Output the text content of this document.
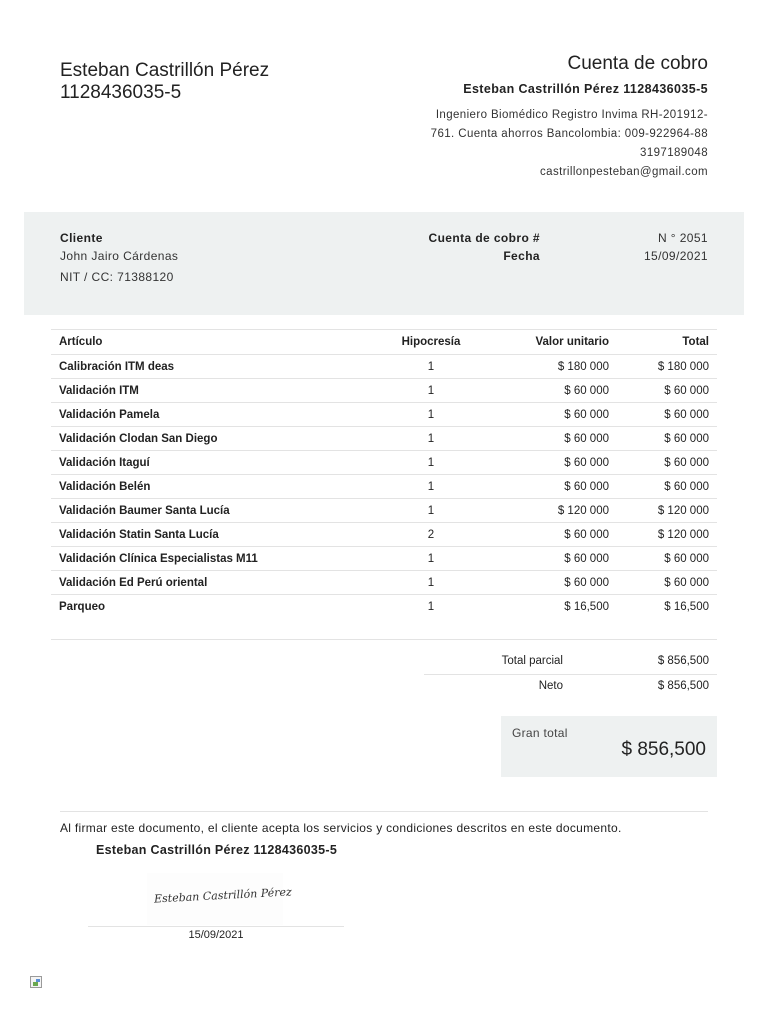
Esteban Castrillón Pérez
1128436035-5
Cuenta de cobro
Esteban Castrillón Pérez 1128436035-5
Ingeniero Biomédico Registro Invima RH-201912-
761. Cuenta ahorros Bancolombia: 009-922964-88
3197189048
castrillonpesteban@gmail.com
Cliente
John Jairo Cárdenas
NIT / CC: 71388120
Cuenta de cobro #	N ° 2051
Fecha	15/09/2021
Artículo	Hipocresía	Valor unitario	Total
Calibración ITM deas	1	$ 180 000	$ 180 000
Validación ITM	1	$ 60 000	$ 60 000
Validación Pamela	1	$ 60 000	$ 60 000
Validación Clodan San Diego	1	$ 60 000	$ 60 000
Validación Itaguí	1	$ 60 000	$ 60 000
Validación Belén	1	$ 60 000	$ 60 000
Validación Baumer Santa Lucía	1	$ 120 000	$ 120 000
Validación Statin Santa Lucía	2	$ 60 000	$ 120 000
Validación Clínica Especialistas M11	1	$ 60 000	$ 60 000
Validación Ed Perú oriental	1	$ 60 000	$ 60 000
Parqueo	1	$ 16,500	$ 16,500
Total parcial	$ 856,500
Neto	$ 856,500
Gran total
$ 856,500
Al firmar este documento, el cliente acepta los servicios y condiciones descritos en este documento.
Esteban Castrillón Pérez 1128436035-5
Esteban Castrillón Pérez
15/09/2021
